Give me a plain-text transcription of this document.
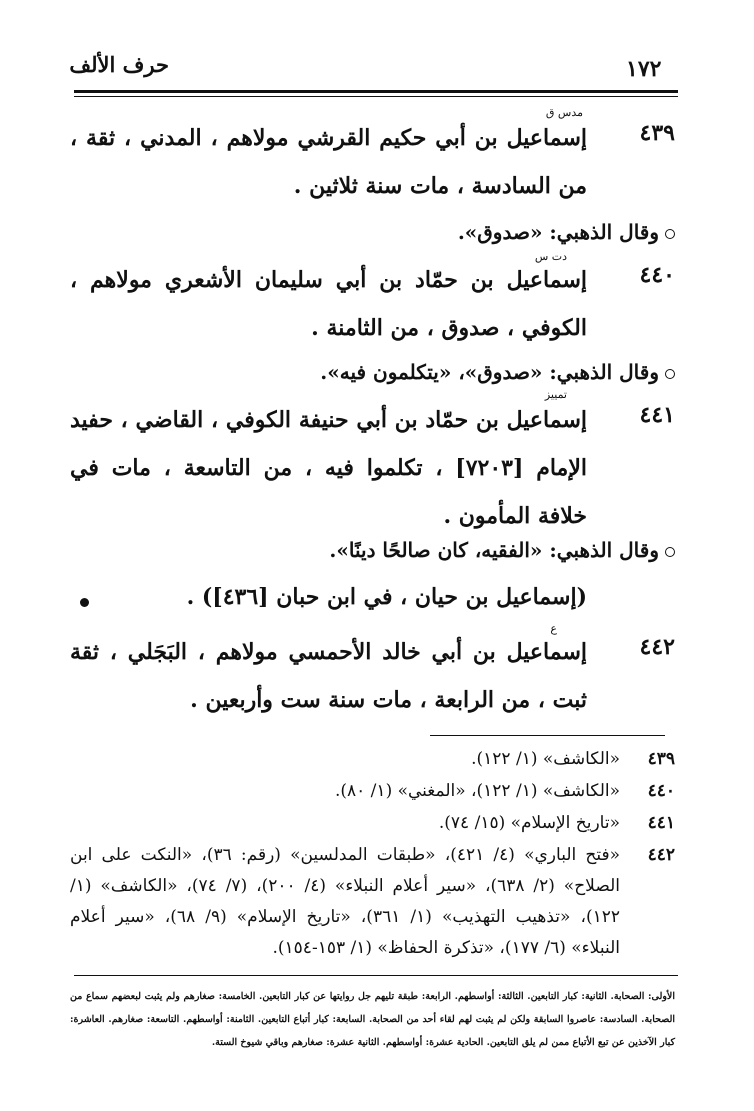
حرف الألف	١٧٢
٤٣٩
مدس ق
إسماعيل بن أبي حكيم القرشي مولاهم ، المدني ، ثقة ، من السادسة ، مات سنة ثلاثين .
وقال الذهبي: «صدوق».
٤٤٠
دت س
إسماعيل بن حمّاد بن أبي سليمان الأشعري مولاهم ، الكوفي ، صدوق ، من الثامنة .
وقال الذهبي: «صدوق»، «يتكلمون فيه».
٤٤١
تمييز
إسماعيل بن حمّاد بن أبي حنيفة الكوفي ، القاضي ، حفيد الإمام [٧٢٠٣] ، تكلموا فيه ، من التاسعة ، مات في خلافة المأمون .
وقال الذهبي: «الفقيه، كان صالحًا دينًا».
(إسماعيل بن حيان ، في ابن حبان [٤٣٦]) .
٤٤٢
ع
إسماعيل بن أبي خالد الأحمسي مولاهم ، البَجَلي ، ثقة ثبت ، من الرابعة ، مات سنة ست وأربعين .
٤٣٩
«الكاشف» (١/ ١٢٢).
٤٤٠
«الكاشف» (١/ ١٢٢)، «المغني» (١/ ٨٠).
٤٤١
«تاريخ الإسلام» (١٥/ ٧٤).
٤٤٢
«فتح الباري» (٤/ ٤٢١)، «طبقات المدلسين» (رقم: ٣٦)، «النكت على ابن الصلاح» (٢/ ٦٣٨)، «سير أعلام النبلاء» (٤/ ٢٠٠)، (٧/ ٧٤)، «الكاشف» (١/ ١٢٢)، «تذهيب التهذيب» (١/ ٣٦١)، «تاريخ الإسلام» (٩/ ٦٨)، «سير أعلام النبلاء» (٦/ ١٧٧)، «تذكرة الحفاظ» (١/ ١٥٣-١٥٤).
الأولى: الصحابة. الثانية: كبار التابعين. الثالثة: أواسطهم. الرابعة: طبقة تليهم جل روايتها عن كبار التابعين. الخامسة: صغارهم ولم يثبت لبعضهم سماع من الصحابة. السادسة: عاصروا السابقة ولكن لم يثبت لهم لقاء أحد من الصحابة. السابعة: كبار أتباع التابعين. الثامنة: أواسطهم. التاسعة: صغارهم. العاشرة: كبار الآخذين عن تبع الأتباع ممن لم يلق التابعين. الحادية عشرة: أواسطهم. الثانية عشرة: صغارهم وباقي شيوخ الستة.
